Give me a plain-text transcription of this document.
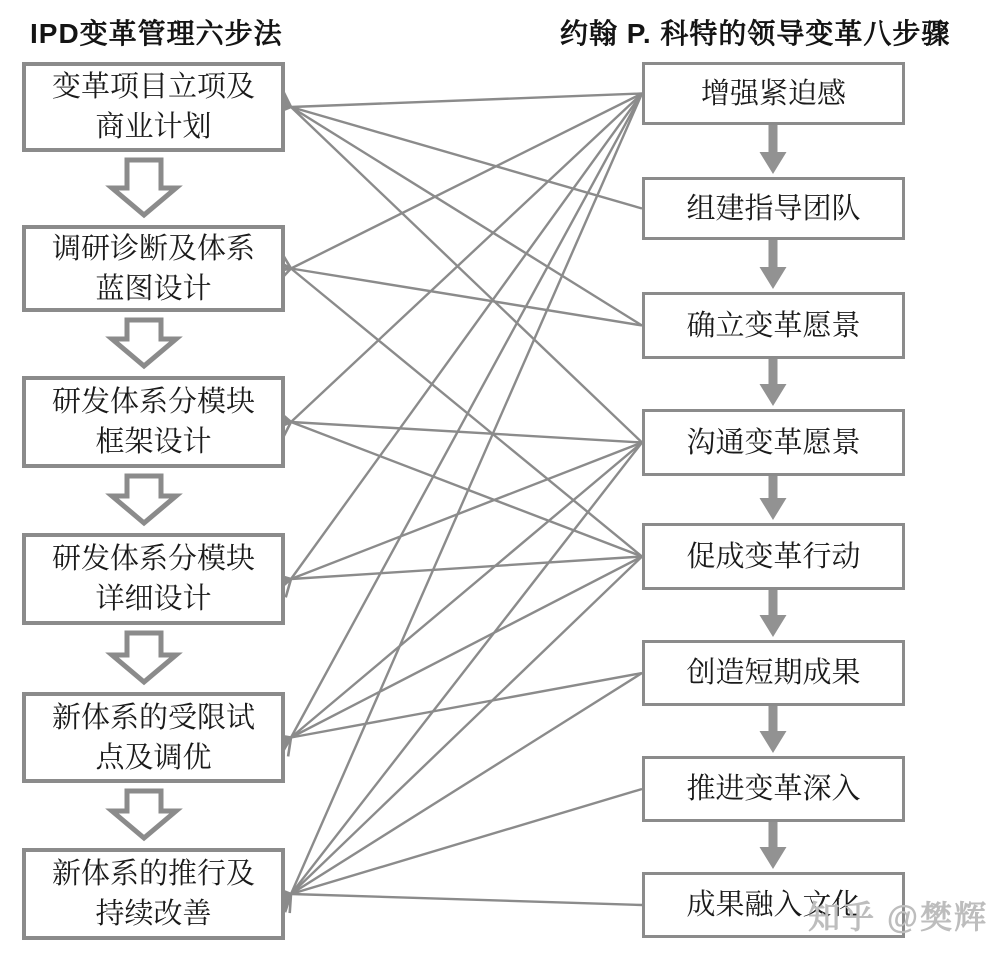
IPD变革管理六步法	约翰 P. 科特的领导变革八步骤
变革项目立项及
商业计划
调研诊断及体系
蓝图设计
研发体系分模块
框架设计
研发体系分模块
详细设计
新体系的受限试
点及调优
新体系的推行及
持续改善
增强紧迫感
组建指导团队
确立变革愿景
沟通变革愿景
促成变革行动
创造短期成果
推进变革深入
成果融入文化
知乎 @樊辉
